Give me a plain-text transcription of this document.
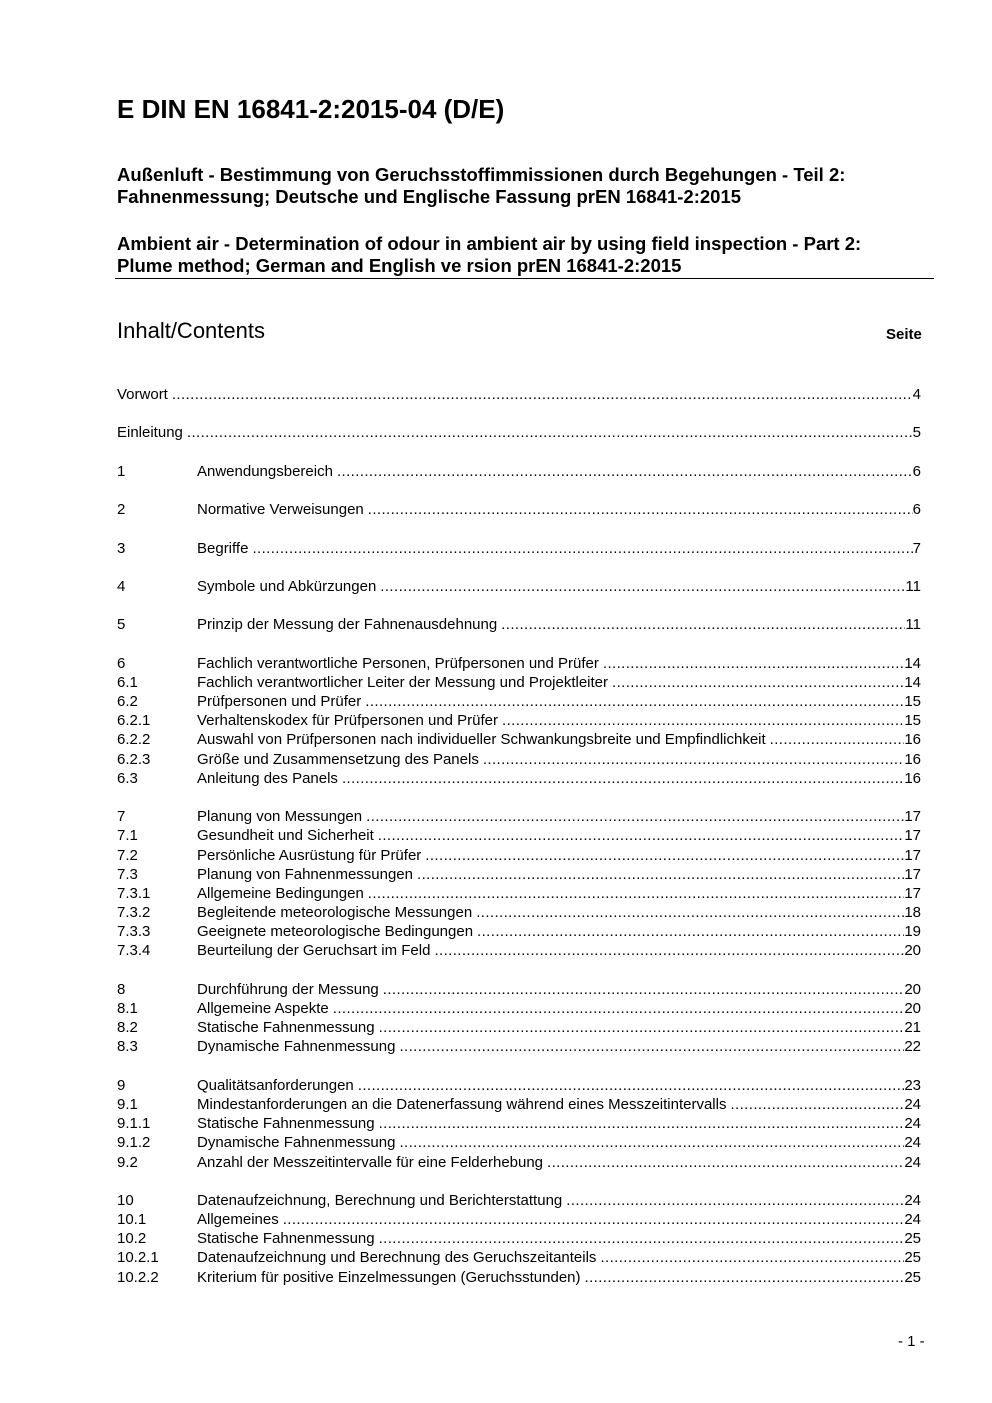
E DIN EN 16841-2:2015-04 (D/E)
Außenluft - Bestimmung von Geruchsstoffimmissionen durch Begehungen - Teil 2:
Fahnenmessung; Deutsche und Englische Fassung prEN 16841-2:2015
Ambient air - Determination of odour in ambient air by using field inspection - Part 2:
Plume method; German and English ve rsion prEN 16841-2:2015
Inhalt/Contents	Seite
Vorwort .....	4
Einleitung .....	5
1	Anwendungsbereich .....	6
2	Normative Verweisungen .....	6
3	Begriffe .....	7
4	Symbole und Abkürzungen .....	11
5	Prinzip der Messung der Fahnenausdehnung .....	11
6	Fachlich verantwortliche Personen, Prüfpersonen und Prüfer .....	14
6.1	Fachlich verantwortlicher Leiter der Messung und Projektleiter .....	14
6.2	Prüfpersonen und Prüfer .....	15
6.2.1	Verhaltenskodex für Prüfpersonen und Prüfer .....	15
6.2.2	Auswahl von Prüfpersonen nach individueller Schwankungsbreite und Empfindlichkeit .....	16
6.2.3	Größe und Zusammensetzung des Panels .....	16
6.3	Anleitung des Panels .....	16
7	Planung von Messungen .....	17
7.1	Gesundheit und Sicherheit .....	17
7.2	Persönliche Ausrüstung für Prüfer .....	17
7.3	Planung von Fahnenmessungen .....	17
7.3.1	Allgemeine Bedingungen .....	17
7.3.2	Begleitende meteorologische Messungen .....	18
7.3.3	Geeignete meteorologische Bedingungen .....	19
7.3.4	Beurteilung der Geruchsart im Feld .....	20
8	Durchführung der Messung .....	20
8.1	Allgemeine Aspekte .....	20
8.2	Statische Fahnenmessung .....	21
8.3	Dynamische Fahnenmessung .....	22
9	Qualitätsanforderungen .....	23
9.1	Mindestanforderungen an die Datenerfassung während eines Messzeitintervalls .....	24
9.1.1	Statische Fahnenmessung .....	24
9.1.2	Dynamische Fahnenmessung .....	24
9.2	Anzahl der Messzeitintervalle für eine Felderhebung .....	24
10	Datenaufzeichnung, Berechnung und Berichterstattung .....	24
10.1	Allgemeines .....	24
10.2	Statische Fahnenmessung .....	25
10.2.1	Datenaufzeichnung und Berechnung des Geruchszeitanteils .....	25
10.2.2	Kriterium für positive Einzelmessungen (Geruchsstunden) .....	25
- 1 -
